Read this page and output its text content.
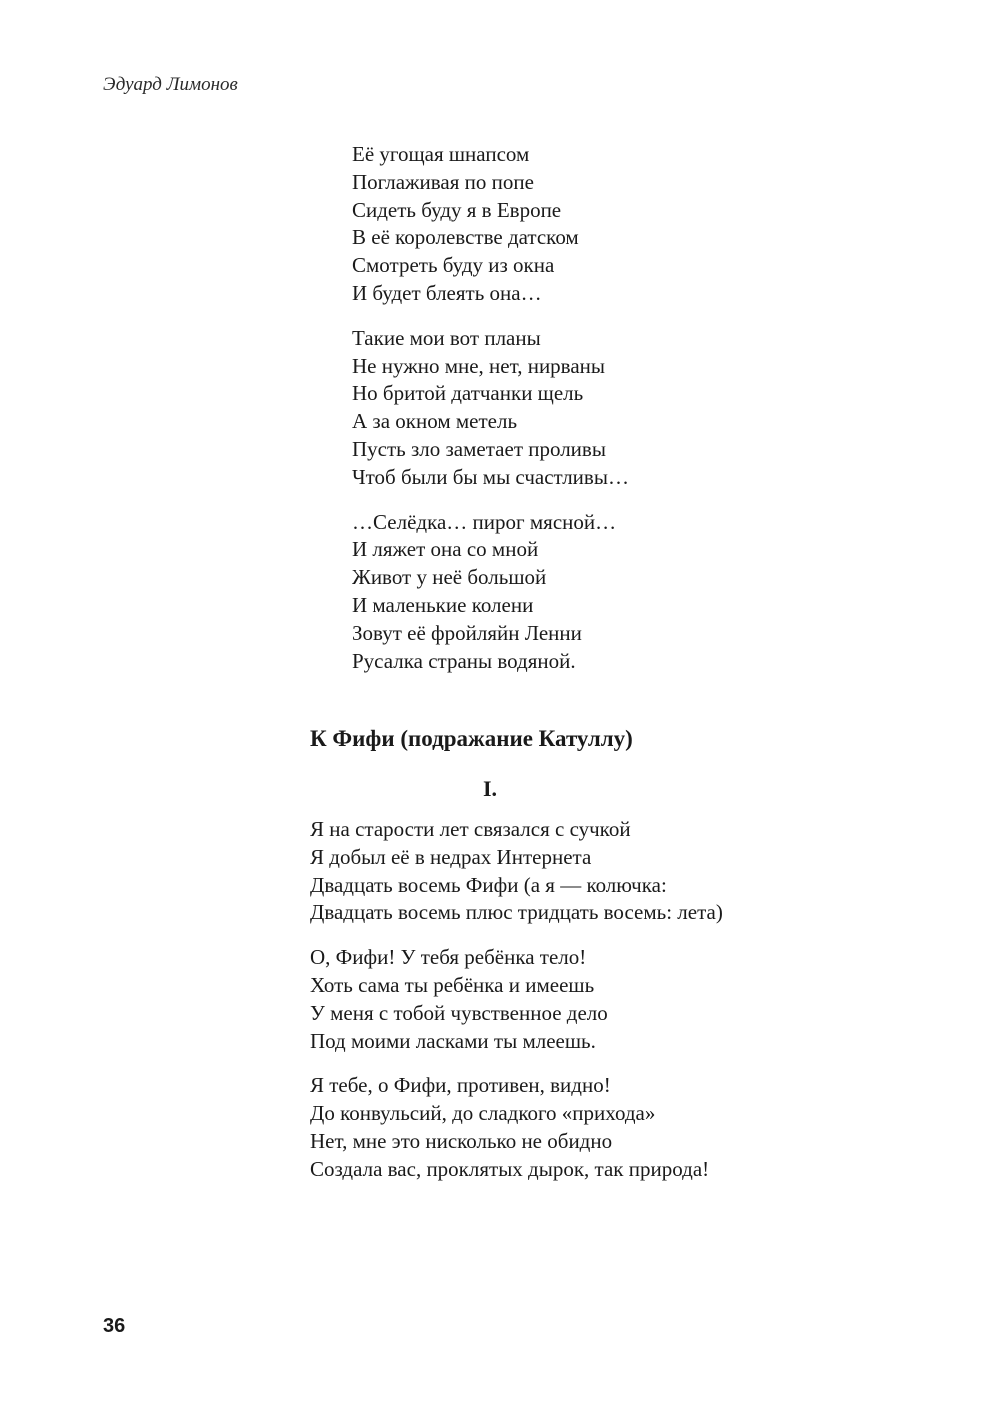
Эдуард Лимонов

Её угощая шнапсом
Поглаживая по попе
Сидеть буду я в Европе
В её королевстве датском
Смотреть буду из окна
И будет блеять она…
Такие мои вот планы
Не нужно мне, нет, нирваны
Но бритой датчанки щель
А за окном метель
Пусть зло заметает проливы
Чтоб были бы мы счастливы…
…Селёдка… пирог мясной…
И ляжет она со мной
Живот у неё большой
И маленькие колени
Зовут её фройляйн Ленни
Русалка страны водяной.
К Фифи (подражание Катуллу)
I.
Я на старости лет связался с сучкой
Я добыл её в недрах Интернета
Двадцать восемь Фифи (а я — колючка:
Двадцать восемь плюс тридцать восемь: лета)
О, Фифи! У тебя ребёнка тело!
Хоть сама ты ребёнка и имеешь
У меня с тобой чувственное дело
Под моими ласками ты млеешь.
Я тебе, о Фифи, противен, видно!
До конвульсий, до сладкого «прихода»
Нет, мне это нисколько не обидно
Создала вас, проклятых дырок, так природа!

36
